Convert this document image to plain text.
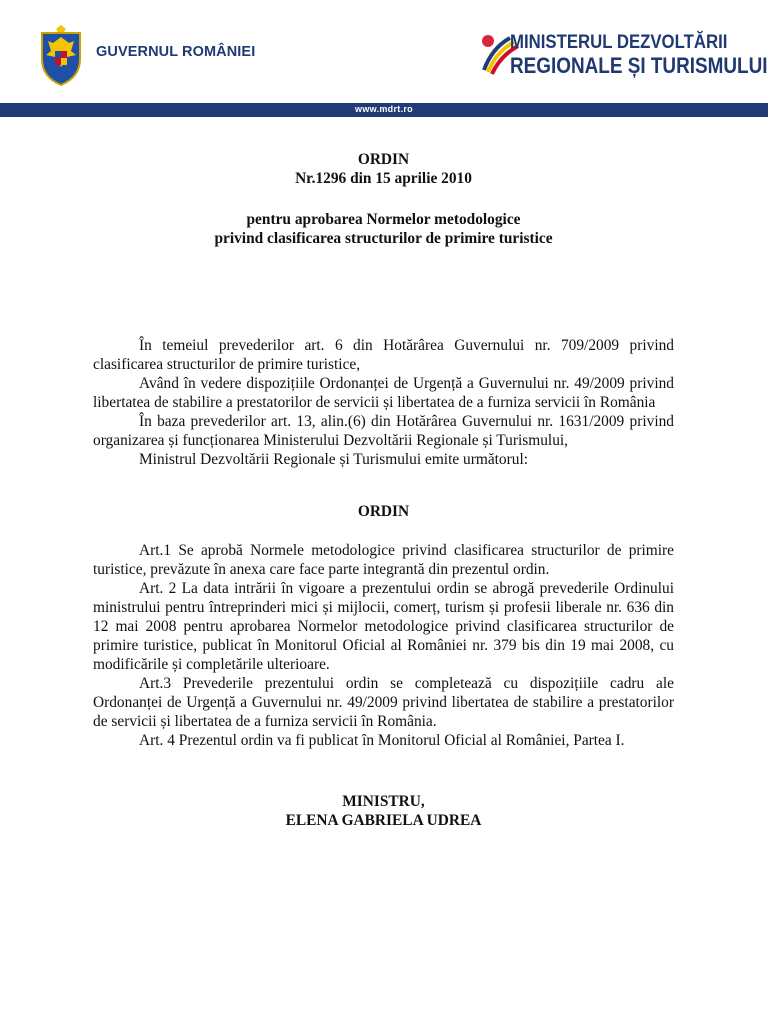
GUVERNUL ROMÂNIEI	MINISTERUL DEZVOLTĂRII
REGIONALE ȘI TURISMULUI
www.mdrt.ro
ORDIN
Nr.1296 din 15 aprilie 2010
pentru aprobarea Normelor metodologice
privind clasificarea structurilor de primire turistice

În temeiul prevederilor art. 6 din Hotărârea Guvernului nr. 709/2009 privind clasificarea structurilor de primire turistice,

Având în vedere dispozițiile Ordonanței de Urgență a Guvernului nr. 49/2009 privind libertatea de stabilire a prestatorilor de servicii și libertatea de a furniza servicii în România

În baza prevederilor art. 13, alin.(6) din Hotărârea Guvernului nr. 1631/2009 privind organizarea și funcționarea Ministerului Dezvoltării Regionale și Turismului,

Ministrul Dezvoltării Regionale și Turismului emite următorul:

ORDIN

Art.1 Se aprobă Normele metodologice privind clasificarea structurilor de primire turistice, prevăzute în anexa care face parte integrantă din prezentul ordin.

Art. 2 La data intrării în vigoare a prezentului ordin se abrogă prevederile Ordinului ministrului pentru întreprinderi mici și mijlocii, comerț, turism și profesii liberale nr. 636 din 12 mai 2008 pentru aprobarea Normelor metodologice privind clasificarea structurilor de primire turistice, publicat în Monitorul Oficial al României nr. 379 bis din 19 mai 2008, cu modificările și completările ulterioare.

Art.3 Prevederile prezentului ordin se completează cu dispozițiile cadru ale Ordonanței de Urgență a Guvernului nr. 49/2009 privind libertatea de stabilire a prestatorilor de servicii și libertatea de a furniza servicii în România.

Art. 4 Prezentul ordin va fi publicat în Monitorul Oficial al României, Partea I.

MINISTRU,
ELENA GABRIELA UDREA
